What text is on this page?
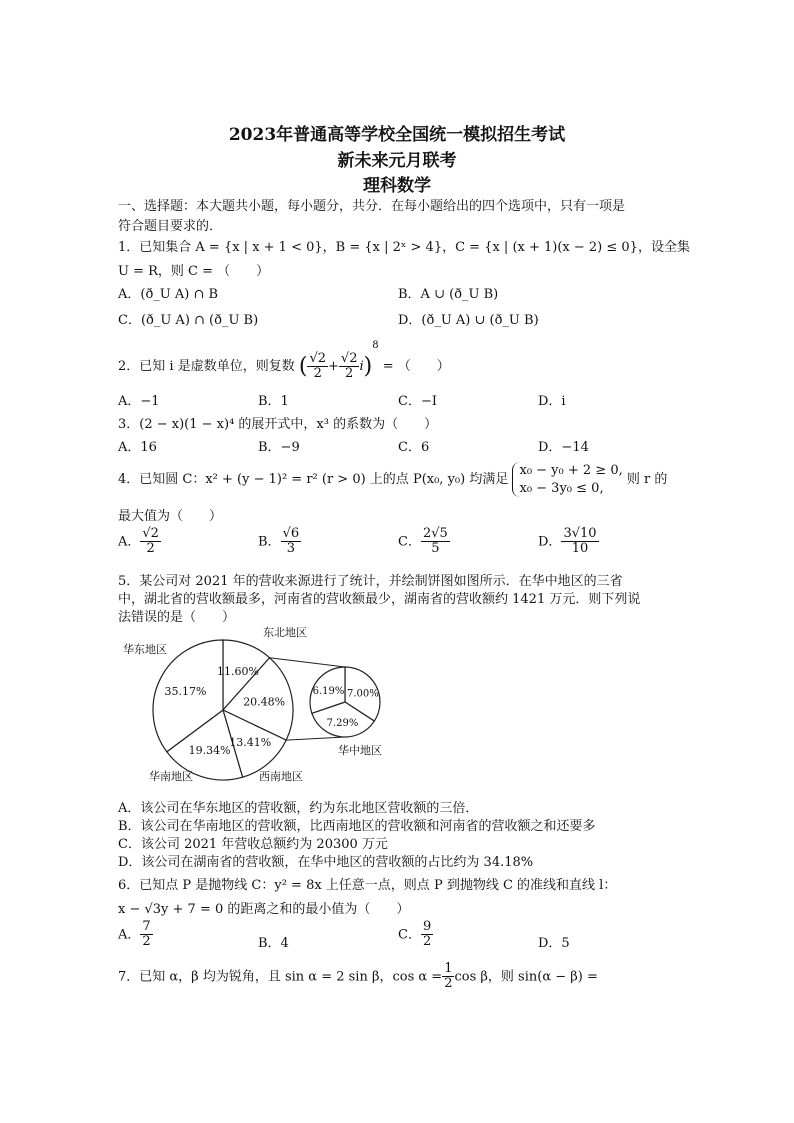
2023年普通高等学校全国统一模拟招生考试
新未来元月联考
理科数学
一、选择题：本大题共小题，每小题分，共分．在每小题给出的四个选项中，只有一项是
符合题目要求的．
1．已知集合 A = {x | x + 1 < 0}，B = {x | 2ˣ > 4}，C = {x | (x + 1)(x − 2) ≤ 0}，设全集
U = R，则 C = （　　）
A．(ð_U A) ∩ B	B．A ∪ (ð_U B)
C．(ð_U A) ∩ (ð_U B)	D．(ð_U A) ∪ (ð_U B)
2．已知 i 是虚数单位，则复数 ( $\frac{√2}{2} + \frac{√2}{2} i)^8$ = （　　）
A．−1	B．1	C．−I	D．i
3．(2 − x)(1 − x)⁴ 的展开式中，x³ 的系数为（　　）
A．16	B．−9	C．6	D．−14
4．已知圆 C：x² + (y − 1)² = r² (r > 0) 上的点 P(x₀, y₀) 均满足
x₀ − y₀ + 2 ≥ 0,
x₀ − 3y₀ ≤ 0,
则 r 的
最大值为（　　）
A． $\frac{√2}{2}$	B． $\frac{√6}{3}$	C． $\frac{2√5}{5}$	D． $\frac{3√10}{10}$
5．某公司对 2021 年的营收来源进行了统计，并绘制饼图如图所示．在华中地区的三省
中，湖北省的营收额最多，河南省的营收额最少，湖南省的营收额约 1421 万元．则下列说
法错误的是（　　）
11.60%
20.48%
13.41%
19.34%
35.17%	7.00%
7.29%
6.19%
华中地区
华东地区
东北地区
华南地区	西南地区
A．该公司在华东地区的营收额，约为东北地区营收额的三倍．
B．该公司在华南地区的营收额，比西南地区的营收额和河南省的营收额之和还要多
C．该公司 2021 年营收总额约为 20300 万元
D．该公司在湖南省的营收额，在华中地区的营收额的占比约为 34.18%
6．已知点 P 是抛物线 C：y² = 8x 上任意一点，则点 P 到抛物线 C 的准线和直线 l：
x − √3y + 7 = 0 的距离之和的最小值为（　　）
A． $\frac{7}{2}$	B．4
C． $\frac{9}{2}$	D．5
7．已知 α，β 均为锐角，且 sin α = 2 sin β，$\cos \alpha = \frac{1}{2}$ cos β，则 sin(α − β) =
